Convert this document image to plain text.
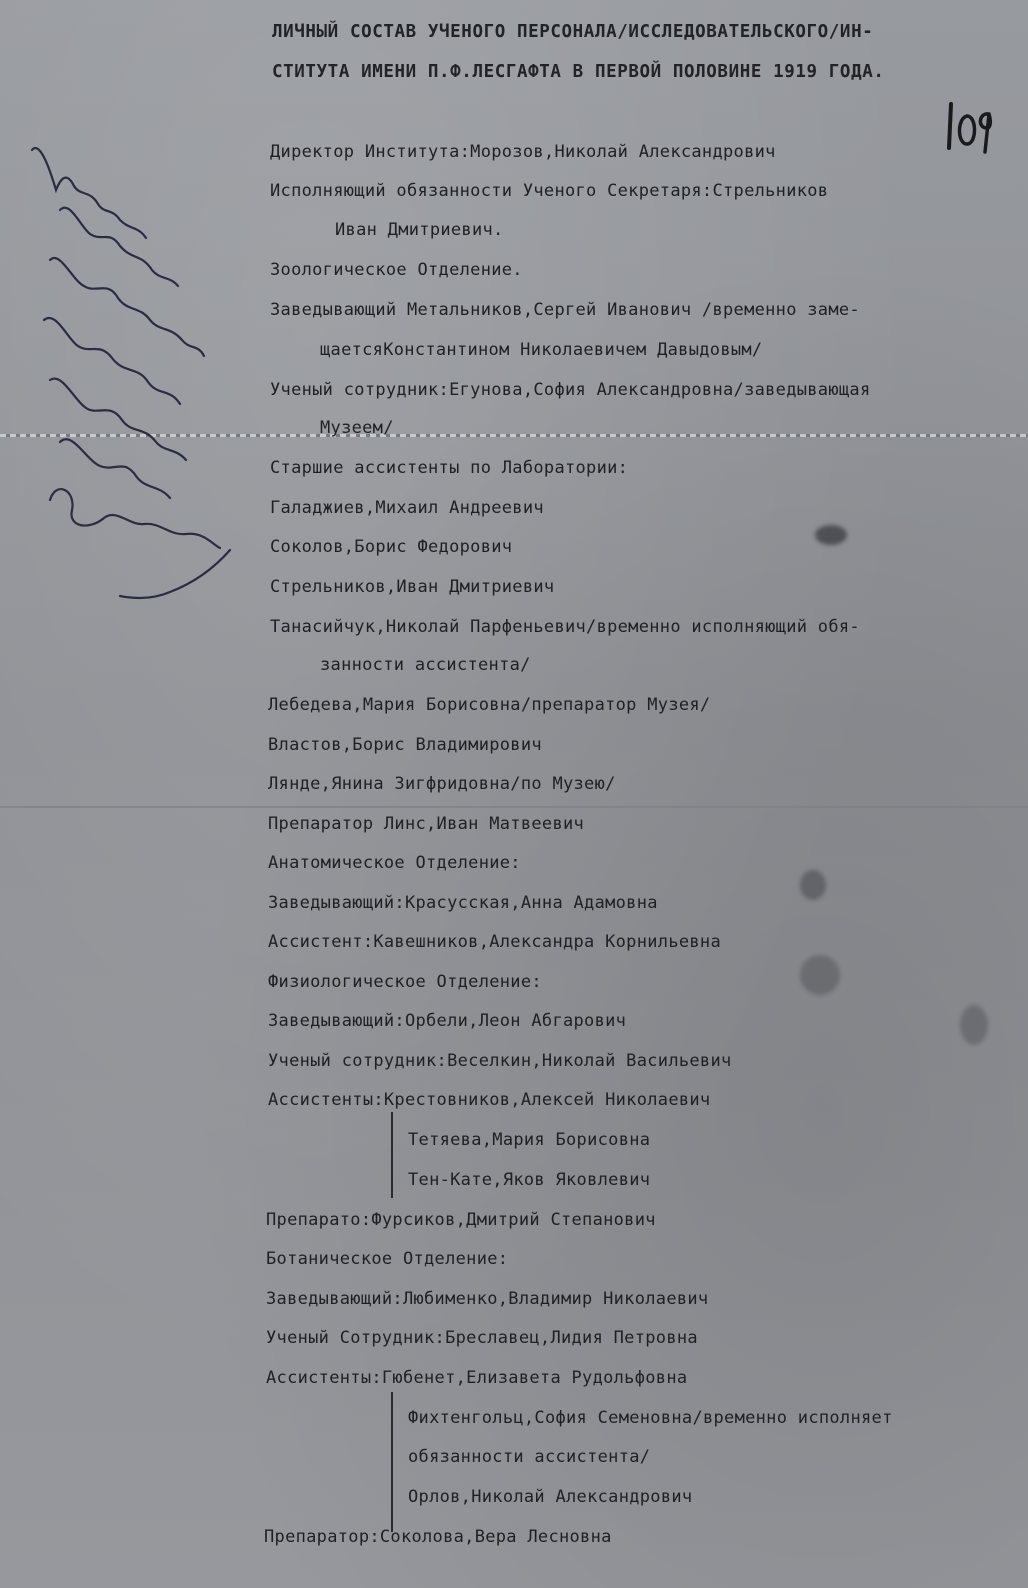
ЛИЧНЫЙ СОСТАВ УЧЕНОГО ПЕРСОНАЛА/ИССЛЕДОВАТЕЛЬСКОГО/ИН-
СТИТУТА ИМЕНИ П.Ф.ЛЕСГАФТА В ПЕРВОЙ ПОЛОВИНЕ 1919 ГОДА.
Директор Института:Морозов,Николай Александрович
Исполняющий обязанности Ученого Секретаря:Стрельников
Иван Дмитриевич.
Зоологическое Отделение.
Заведывающий Метальников,Сергей Иванович /временно заме-
щаетсяКонстантином Николаевичем Давыдовым/
Ученый сотрудник:Егунова,София Александровна/заведывающая
Музеем/
Старшие ассистенты по Лаборатории:
Галаджиев,Михаил Андреевич
Соколов,Борис Федорович
Стрельников,Иван Дмитриевич
Танасийчук,Николай Парфеньевич/временно исполняющий обя-
занности ассистента/
Лебедева,Мария Борисовна/препаратор Музея/
Властов,Борис Владимирович
Лянде,Янина Зигфридовна/по Музею/
Препаратор Линс,Иван Матвеевич
Анатомическое Отделение:
Заведывающий:Красусская,Анна Адамовна
Ассистент:Кавешников,Александра Корнильевна
Физиологическое Отделение:
Заведывающий:Орбели,Леон Абгарович
Ученый сотрудник:Веселкин,Николай Васильевич
Ассистенты:Крестовников,Алексей Николаевич
Тетяева,Мария Борисовна
Тен-Кате,Яков Яковлевич
Препарато:Фурсиков,Дмитрий Степанович
Ботаническое Отделение:
Заведывающий:Любименко,Владимир Николаевич
Ученый Сотрудник:Бреславец,Лидия Петровна
Ассистенты:Гюбенет,Елизавета Рудольфовна
Фихтенгольц,София Семеновна/временно исполняет
обязанности ассистента/
Орлов,Николай Александрович
Препаратор:Соколова,Вера Лесновна
